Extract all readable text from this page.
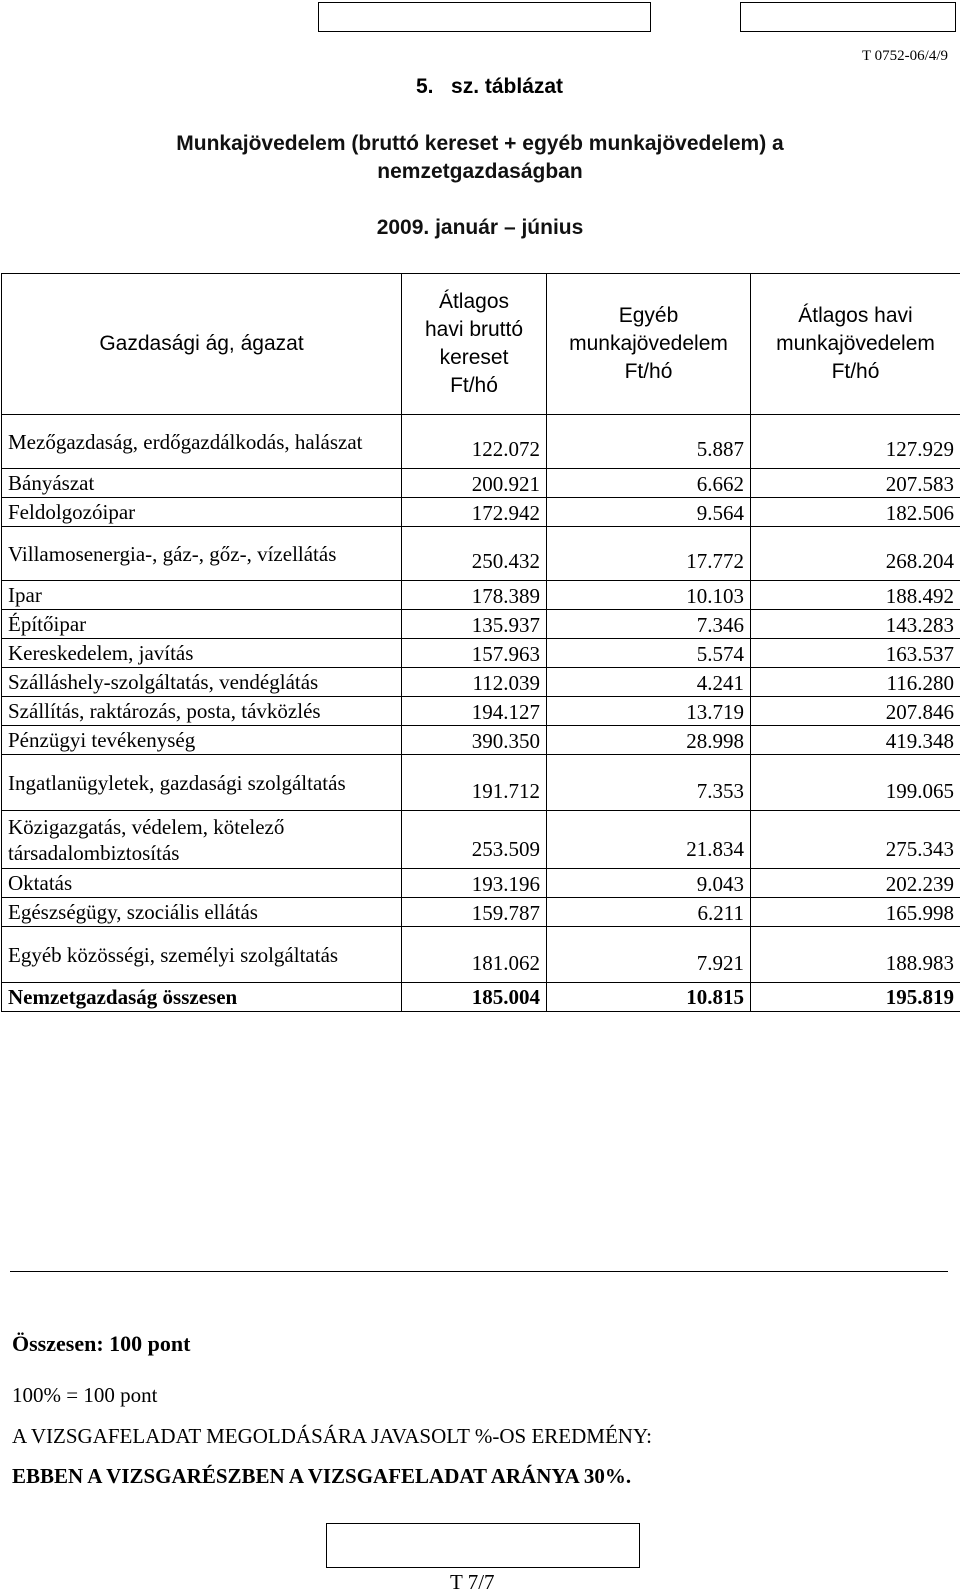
T 0752-06/4/9
5.   sz. táblázat
Munkajövedelem (bruttó kereset + egyéb munkajövedelem) a
nemzetgazdaságban
2009. január – június
Gazdasági ág, ágazat	Átlagos havi bruttó kereset Ft/hó	Egyéb munkajövedelem Ft/hó	Átlagos havi munkajövedelem Ft/hó
Mezőgazdaság, erdőgazdálkodás, halászat	122.072	5.887	127.929
Bányászat	200.921	6.662	207.583
Feldolgozóipar	172.942	9.564	182.506
Villamosenergia-, gáz-, gőz-, vízellátás	250.432	17.772	268.204
Ipar	178.389	10.103	188.492
Építőipar	135.937	7.346	143.283
Kereskedelem, javítás	157.963	5.574	163.537
Szálláshely-szolgáltatás, vendéglátás	112.039	4.241	116.280
Szállítás, raktározás, posta, távközlés	194.127	13.719	207.846
Pénzügyi tevékenység	390.350	28.998	419.348
Ingatlanügyletek, gazdasági szolgáltatás	191.712	7.353	199.065
Közigazgatás, védelem, kötelező társadalombiztosítás	253.509	21.834	275.343
Oktatás	193.196	9.043	202.239
Egészségügy, szociális ellátás	159.787	6.211	165.998
Egyéb közösségi, személyi szolgáltatás	181.062	7.921	188.983
Nemzetgazdaság összesen	185.004	10.815	195.819
Összesen: 100 pont
100% = 100 pont
A VIZSGAFELADAT MEGOLDÁSÁRA JAVASOLT %-OS EREDMÉNY:
EBBEN A VIZSGARÉSZBEN A VIZSGAFELADAT ARÁNYA 30%.
T 7/7
